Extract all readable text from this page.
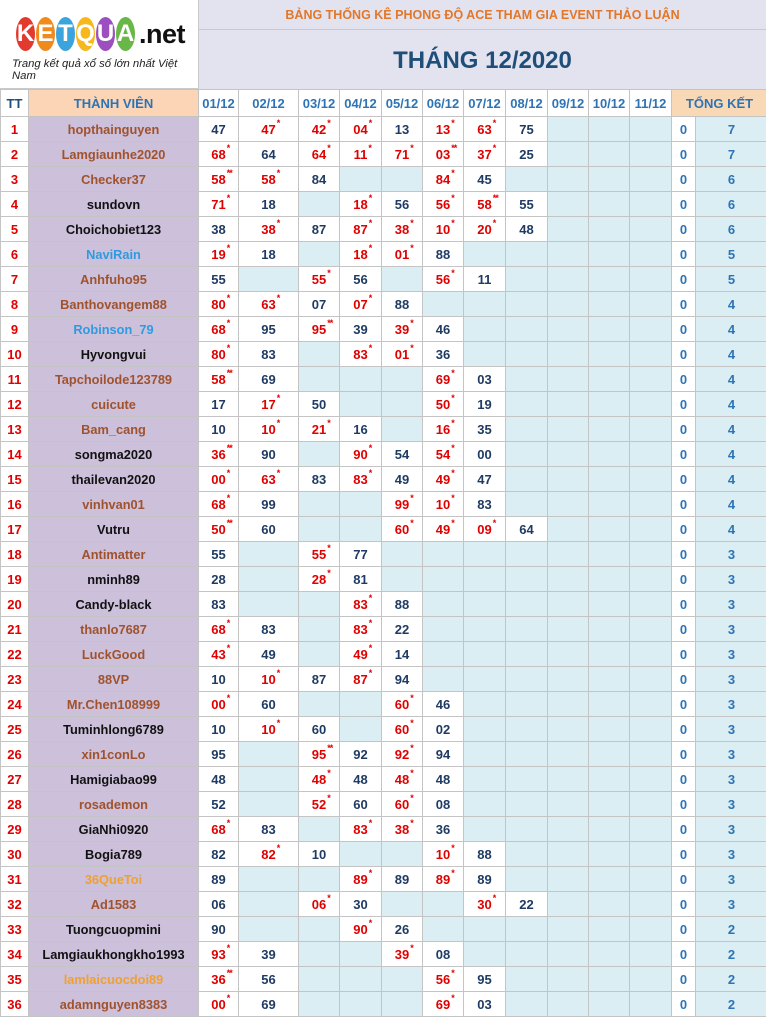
K E T Q U A .net
Trang kết quả xổ số lớn nhất Việt Nam
BẢNG THỐNG KÊ PHONG ĐỘ ACE THAM GIA EVENT THẢO LUẬN
THÁNG 12/2020
TT	THÀNH VIÊN	01/12	02/12	03/12	04/12	05/12	06/12	07/12	08/12	09/12	10/12	11/12	TỔNG KẾT	
1	hopthainguyen	47	47 *	42 *	04 *	13	13 *	63 *	75				0	7
2	Lamgiaunhe2020	68 *	64	64 *	11 *	71 *	03 **	37 *	25				0	7
3	Checker37	58 **	58 *	84			84 *	45					0	6
4	sundovn	71 *	18		18 *	56	56 *	58 **	55				0	6
5	Choichobiet123	38	38 *	87	87 *	38 *	10 *	20 *	48				0	6
6	NaviRain	19 *	18		18 *	01 *	88						0	5
7	Anhfuho95	55		55 *	56		56 *	11					0	5
8	Banthovangem88	80 *	63 *	07	07 *	88							0	4
9	Robinson_79	68 *	95	95 **	39	39 *	46						0	4
10	Hyvongvui	80 *	83		83 *	01 *	36						0	4
11	Tapchoilode123789	58 **	69				69 *	03					0	4
12	cuicute	17	17 *	50			50 *	19					0	4
13	Bam_cang	10	10 *	21 *	16		16 *	35					0	4
14	songma2020	36 **	90		90 *	54	54 *	00					0	4
15	thailevan2020	00 *	63 *	83	83 *	49	49 *	47					0	4
16	vinhvan01	68 *	99			99 *	10 *	83					0	4
17	Vutru	50 **	60			60 *	49 *	09 *	64				0	4
18	Antimatter	55		55 *	77								0	3
19	nminh89	28		28 *	81								0	3
20	Candy-black	83			83 *	88							0	3
21	thanlo7687	68 *	83		83 *	22							0	3
22	LuckGood	43 *	49		49 *	14							0	3
23	88VP	10	10 *	87	87 *	94							0	3
24	Mr.Chen108999	00 *	60			60 *	46						0	3
25	Tuminhlong6789	10	10 *	60		60 *	02						0	3
26	xin1conLo	95		95 **	92	92 *	94						0	3
27	Hamigiabao99	48		48 *	48	48 *	48						0	3
28	rosademon	52		52 *	60	60 *	08						0	3
29	GiaNhi0920	68 *	83		83 *	38 *	36						0	3
30	Bogia789	82	82 *	10			10 *	88					0	3
31	36QueToi	89			89 *	89	89 *	89					0	3
32	Ad1583	06		06 *	30			30 *	22				0	3
33	Tuongcuopmini	90			90 *	26							0	2
34	Lamgiaukhongkho1993	93 *	39			39 *	08						0	2
35	lamlaicuocdoi89	36 **	56				56 *	95					0	2
36	adamnguyen8383	00 *	69				69 *	03					0	2
